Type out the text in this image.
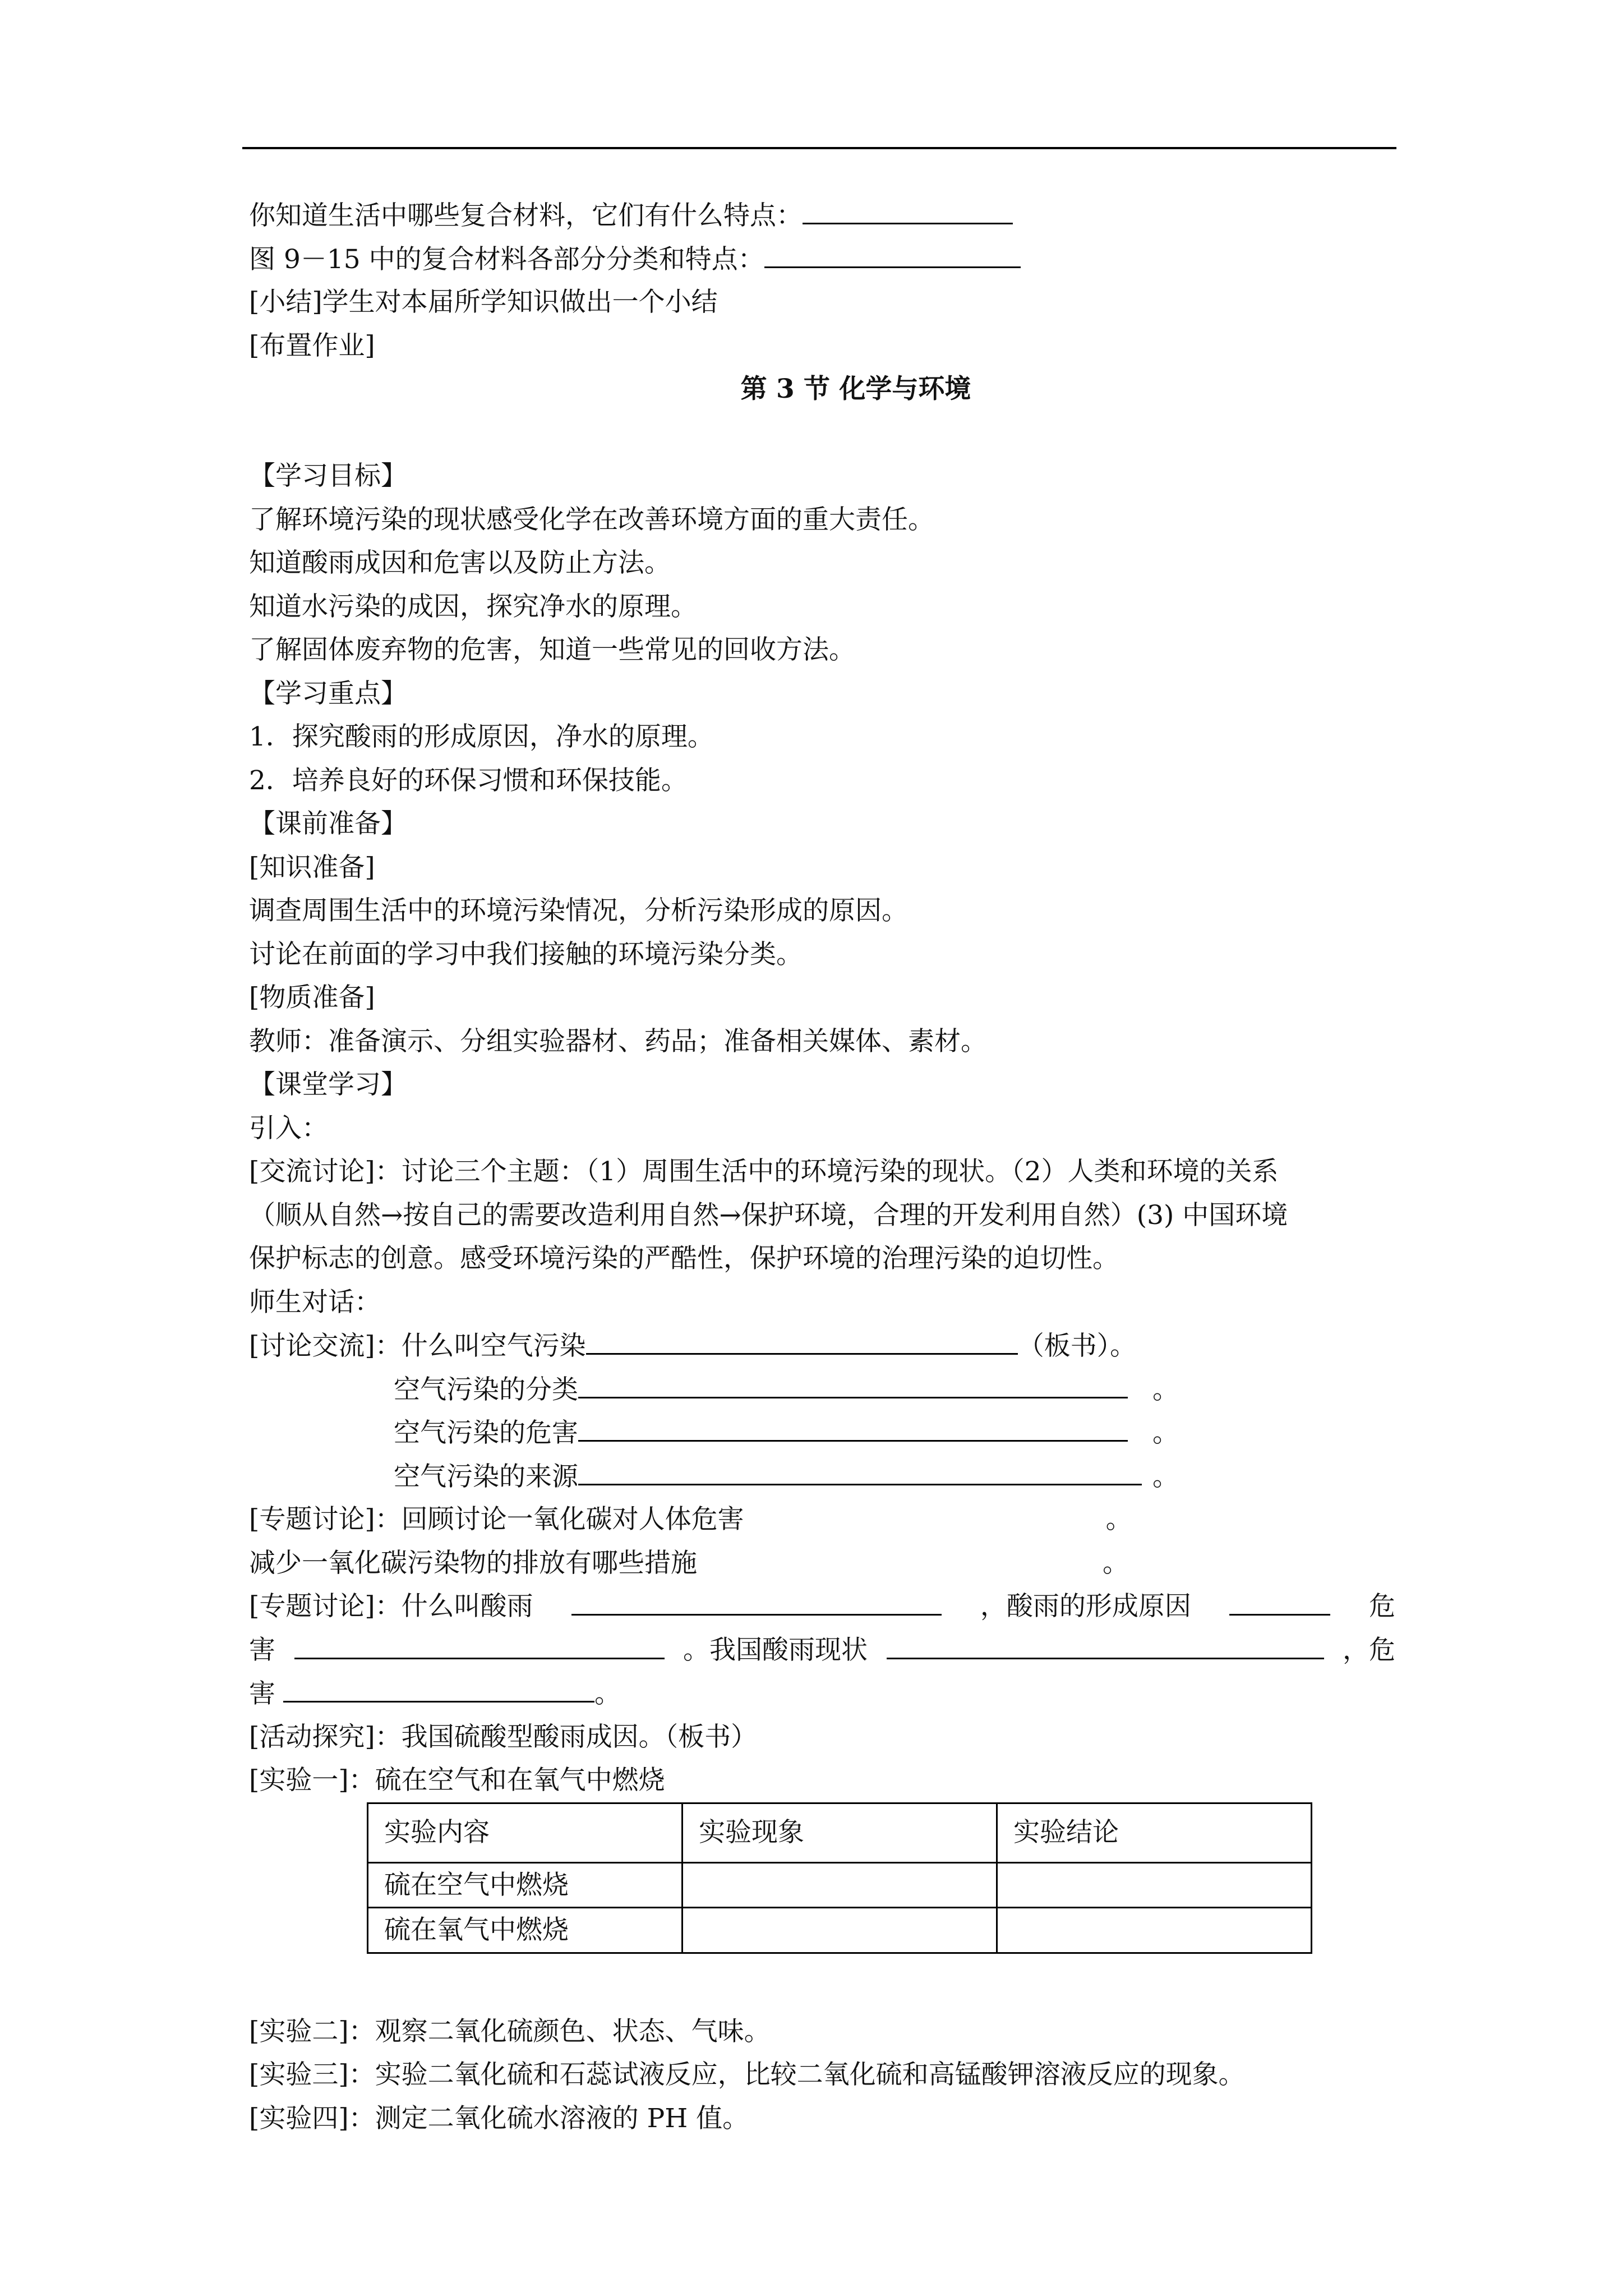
你知道生活中哪些复合材料，它们有什么特点：
图 9－15 中的复合材料各部分分类和特点：
[小结]学生对本届所学知识做出一个小结
[布置作业]
第 3 节 化学与环境
【学习目标】
了解环境污染的现状感受化学在改善环境方面的重大责任。
知道酸雨成因和危害以及防止方法。
知道水污染的成因，探究净水的原理。
了解固体废弃物的危害，知道一些常见的回收方法。
【学习重点】
1．探究酸雨的形成原因，净水的原理。
2．培养良好的环保习惯和环保技能。
【课前准备】
[知识准备]
调查周围生活中的环境污染情况，分析污染形成的原因。
讨论在前面的学习中我们接触的环境污染分类。
[物质准备]
教师：准备演示、分组实验器材、药品；准备相关媒体、素材。
【课堂学习】
引入：
[交流讨论]：讨论三个主题：（1）周围生活中的环境污染的现状。（2）人类和环境的关系
（顺从自然→按自己的需要改造利用自然→保护环境，合理的开发利用自然）(3) 中国环境
保护标志的创意。感受环境污染的严酷性，保护环境的治理污染的迫切性。
师生对话：
[讨论交流]：什么叫空气污染	（板书）。
空气污染的分类	。
空气污染的危害	。
空气污染的来源	。
[专题讨论]：回顾讨论一氧化碳对人体危害	。
减少一氧化碳污染物的排放有哪些措施	。
[专题讨论]：什么叫酸雨	，酸雨的形成原因	危
害	。我国酸雨现状	，危
害	。
[活动探究]：我国硫酸型酸雨成因。（板书）
[实验一]：硫在空气和在氧气中燃烧
实验内容	实验现象	实验结论
硫在空气中燃烧		
硫在氧气中燃烧		
[实验二]：观察二氧化硫颜色、状态、气味。
[实验三]：实验二氧化硫和石蕊试液反应，比较二氧化硫和高锰酸钾溶液反应的现象。
[实验四]：测定二氧化硫水溶液的 PH 值。
